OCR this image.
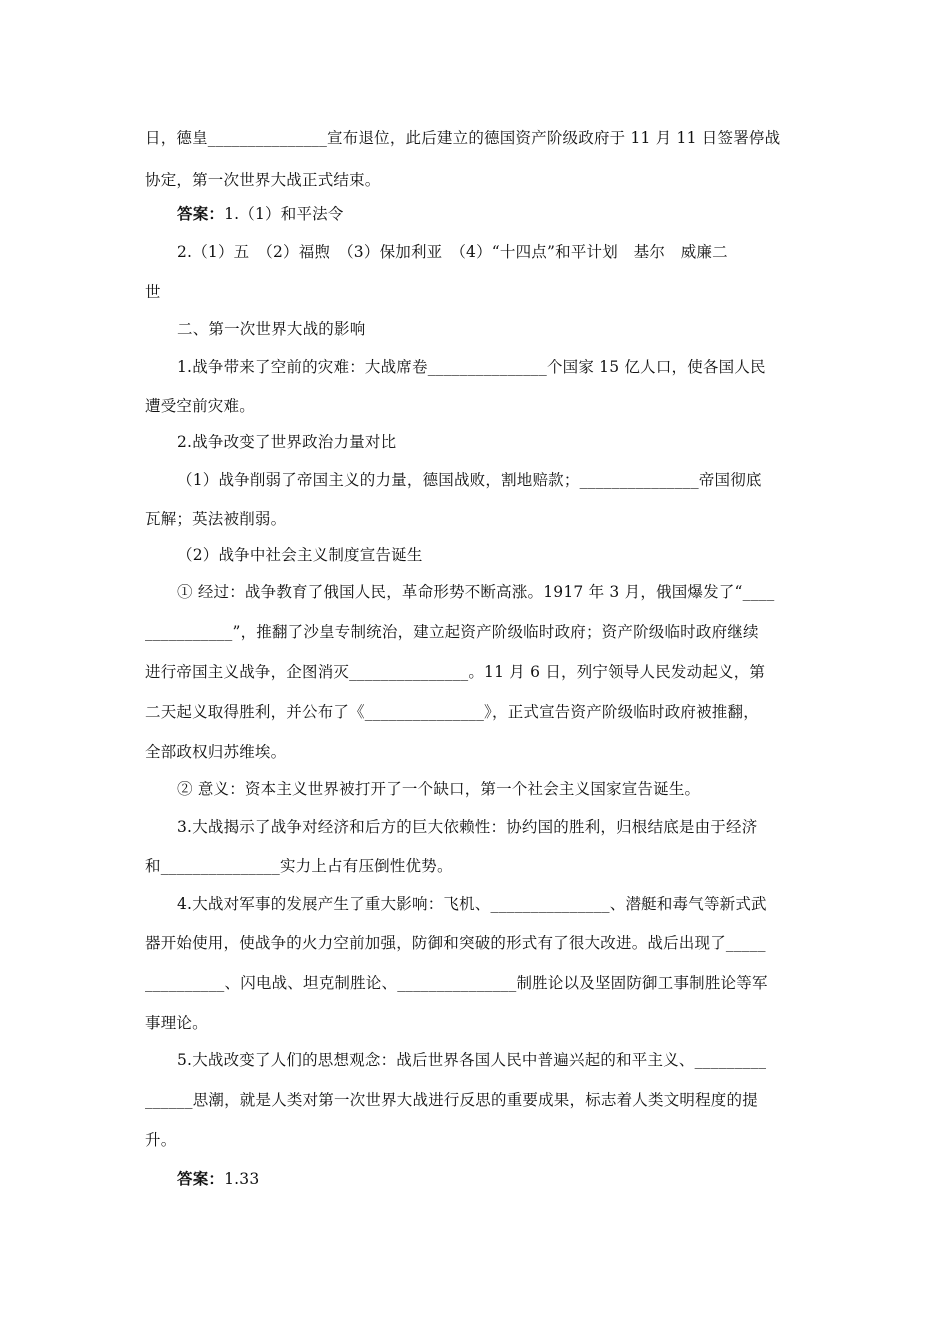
日，德皇_______________宣布退位，此后建立的德国资产阶级政府于 11 月 11 日签署停战
协定，第一次世界大战正式结束。
答案：1.（1）和平法令
2.（1）五　（2）福煦　（3）保加利亚　（4）“十四点”和平计划　基尔　威廉二
世
二、第一次世界大战的影响
1.战争带来了空前的灾难：大战席卷_______________个国家 15 亿人口，使各国人民
遭受空前灾难。
2.战争改变了世界政治力量对比
（1）战争削弱了帝国主义的力量，德国战败，割地赔款；_______________帝国彻底
瓦解；英法被削弱。
（2）战争中社会主义制度宣告诞生
① 经过：战争教育了俄国人民，革命形势不断高涨。1917 年 3 月，俄国爆发了“____
___________”，推翻了沙皇专制统治，建立起资产阶级临时政府；资产阶级临时政府继续
进行帝国主义战争，企图消灭_______________。11 月 6 日，列宁领导人民发动起义，第
二天起义取得胜利，并公布了《_______________》，正式宣告资产阶级临时政府被推翻，
全部政权归苏维埃。
② 意义：资本主义世界被打开了一个缺口，第一个社会主义国家宣告诞生。
3.大战揭示了战争对经济和后方的巨大依赖性：协约国的胜利，归根结底是由于经济
和_______________实力上占有压倒性优势。
4.大战对军事的发展产生了重大影响：飞机、_______________、潜艇和毒气等新式武
器开始使用，使战争的火力空前加强，防御和突破的形式有了很大改进。战后出现了_____
__________、闪电战、坦克制胜论、_______________制胜论以及坚固防御工事制胜论等军
事理论。
5.大战改变了人们的思想观念：战后世界各国人民中普遍兴起的和平主义、_________
______思潮，就是人类对第一次世界大战进行反思的重要成果，标志着人类文明程度的提
升。
答案：1.33
